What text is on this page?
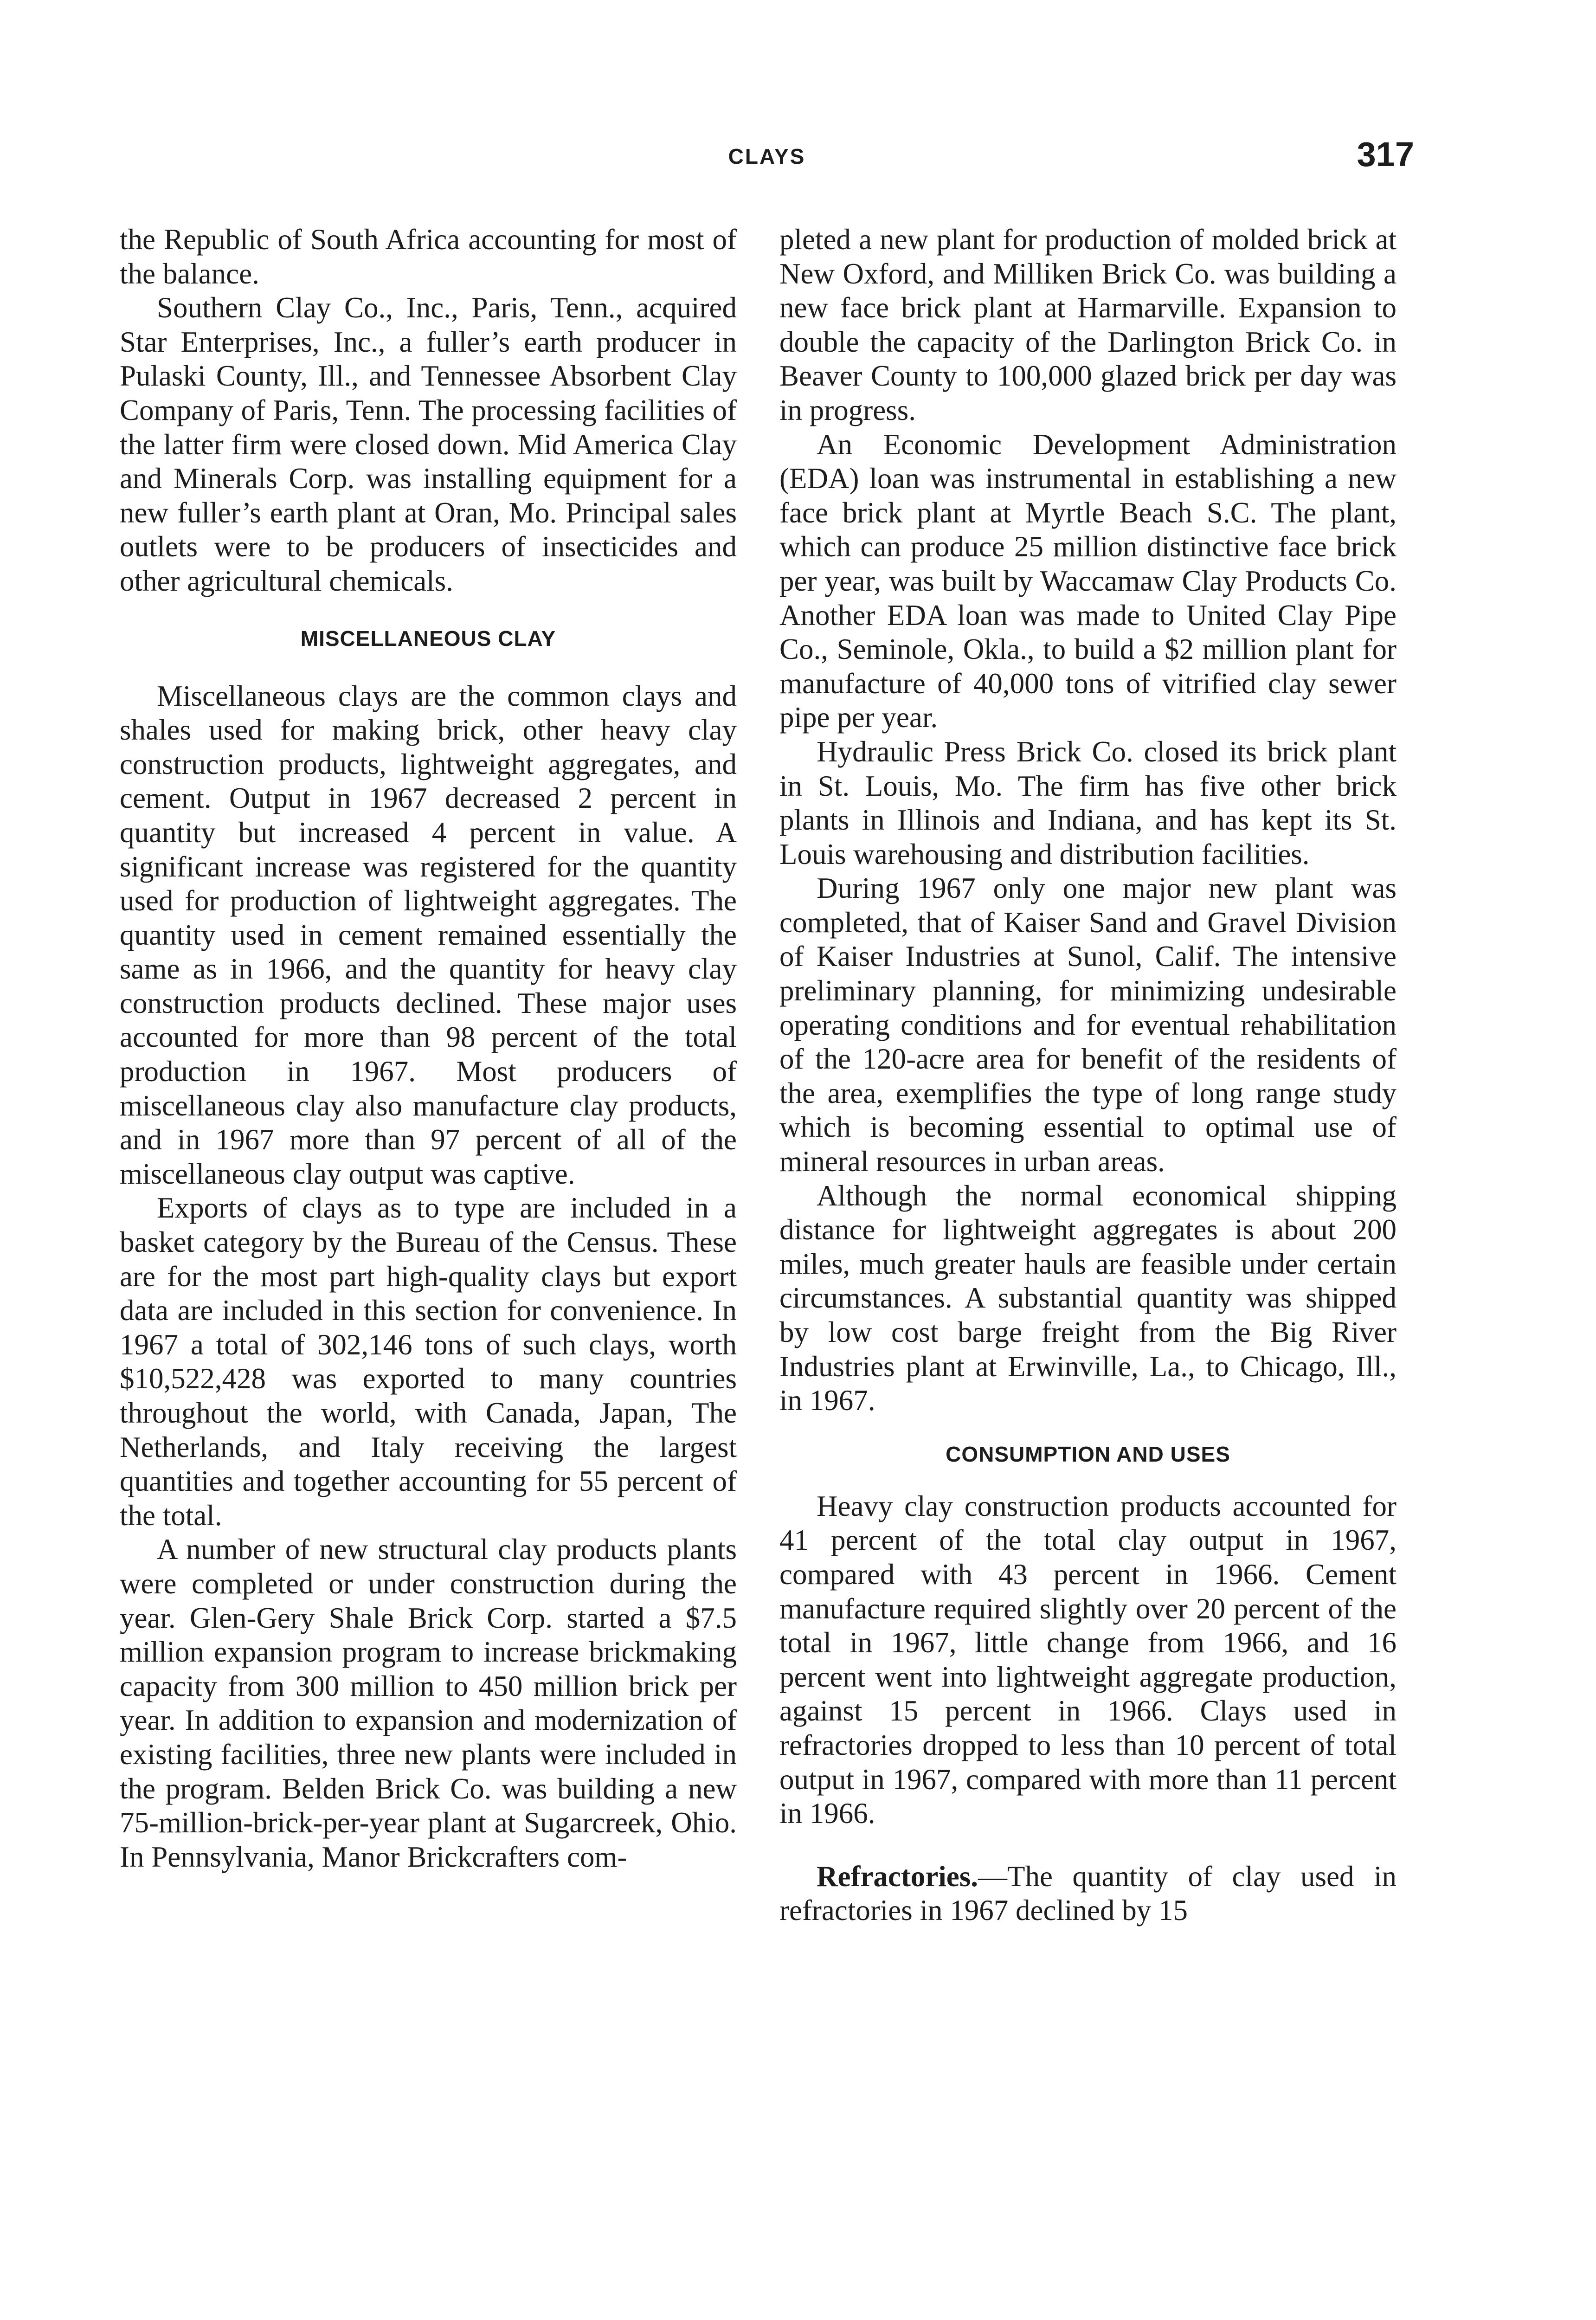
CLAYS	317

the Republic of South Africa accounting for most of the balance.

Southern Clay Co., Inc., Paris, Tenn., acquired Star Enterprises, Inc., a fuller’s earth producer in Pulaski County, Ill., and Tennessee Absorbent Clay Company of Paris, Tenn. The processing facilities of the latter firm were closed down. Mid America Clay and Minerals Corp. was installing equipment for a new fuller’s earth plant at Oran, Mo. Principal sales outlets were to be producers of insecticides and other agricultural chemicals.

MISCELLANEOUS CLAY

Miscellaneous clays are the common clays and shales used for making brick, other heavy clay construction products, lightweight aggregates, and cement. Output in 1967 decreased 2 percent in quantity but increased 4 percent in value. A significant increase was registered for the quantity used for production of lightweight aggregates. The quantity used in cement remained essentially the same as in 1966, and the quantity for heavy clay construction products declined. These major uses accounted for more than 98 percent of the total production in 1967. Most producers of miscellaneous clay also manufacture clay products, and in 1967 more than 97 percent of all of the miscellaneous clay output was captive.

Exports of clays as to type are included in a basket category by the Bureau of the Census. These are for the most part high-quality clays but export data are included in this section for convenience. In 1967 a total of 302,146 tons of such clays, worth $10,522,428 was exported to many countries throughout the world, with Canada, Japan, The Netherlands, and Italy receiving the largest quantities and together accounting for 55 percent of the total.

A number of new structural clay products plants were completed or under construction during the year. Glen-Gery Shale Brick Corp. started a $7.5 million expansion program to increase brickmaking capacity from 300 million to 450 million brick per year. In addition to expansion and modernization of existing facilities, three new plants were included in the program. Belden Brick Co. was building a new 75-million-brick-per-year plant at Sugarcreek, Ohio. In Pennsylvania, Manor Brickcrafters com-

pleted a new plant for production of molded brick at New Oxford, and Milliken Brick Co. was building a new face brick plant at Harmarville. Expansion to double the capacity of the Darlington Brick Co. in Beaver County to 100,000 glazed brick per day was in progress.

An Economic Development Administration (EDA) loan was instrumental in establishing a new face brick plant at Myrtle Beach S.C. The plant, which can produce 25 million distinctive face brick per year, was built by Waccamaw Clay Products Co. Another EDA loan was made to United Clay Pipe Co., Seminole, Okla., to build a $2 million plant for manufacture of 40,000 tons of vitrified clay sewer pipe per year.

Hydraulic Press Brick Co. closed its brick plant in St. Louis, Mo. The firm has five other brick plants in Illinois and Indiana, and has kept its St. Louis warehousing and distribution facilities.

During 1967 only one major new plant was completed, that of Kaiser Sand and Gravel Division of Kaiser Industries at Sunol, Calif. The intensive preliminary planning, for minimizing undesirable operating conditions and for eventual rehabilitation of the 120-acre area for benefit of the residents of the area, exemplifies the type of long range study which is becoming essential to optimal use of mineral resources in urban areas.

Although the normal economical shipping distance for lightweight aggregates is about 200 miles, much greater hauls are feasible under certain circumstances. A substantial quantity was shipped by low cost barge freight from the Big River Industries plant at Erwinville, La., to Chicago, Ill., in 1967.

CONSUMPTION AND USES

Heavy clay construction products accounted for 41 percent of the total clay output in 1967, compared with 43 percent in 1966. Cement manufacture required slightly over 20 percent of the total in 1967, little change from 1966, and 16 percent went into lightweight aggregate production, against 15 percent in 1966. Clays used in refractories dropped to less than 10 percent of total output in 1967, compared with more than 11 percent in 1966.

Refractories.—The quantity of clay used in refractories in 1967 declined by 15
